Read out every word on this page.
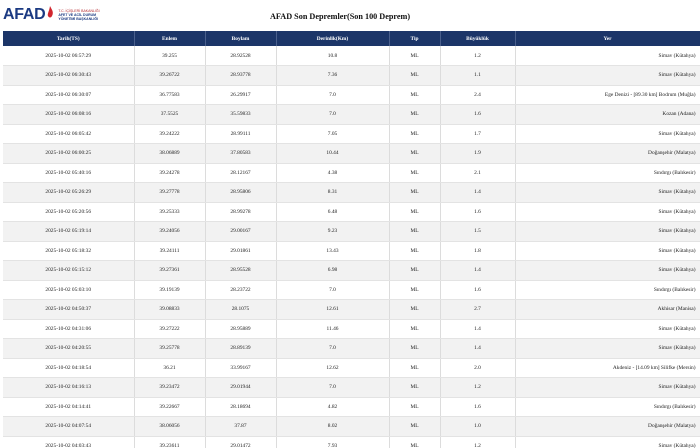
AFAD	T.C. İÇİŞLERİ BAKANLIĞI
AFET VE ACİL DURUM
YÖNETİMİ BAŞKANLIĞI	AFAD Son Depremler(Son 100 Deprem)
Tarih(TS)	Enlem	Boylam	Derinlik(Km)	Tip	Büyüklük	Yer
2025-10-02 06:57:29	39.255	28.92528	10.8	ML	1.2	Simav (Kütahya)
2025-10-02 06:30:43	39.26722	28.93778	7.36	ML	1.1	Simav (Kütahya)
2025-10-02 06:30:07	36.77583	26.29917	7.0	ML	2.4	Ege Denizi - [89.30 km] Bodrum (Muğla)
2025-10-02 06:08:16	37.5525	35.59833	7.0	ML	1.6	Kozan (Adana)
2025-10-02 06:05:42	39.24222	28.99111	7.05	ML	1.7	Simav (Kütahya)
2025-10-02 06:00:25	38.06889	37.80583	10.44	ML	1.9	Doğanşehir (Malatya)
2025-10-02 05:40:16	39.24278	28.12167	4.38	ML	2.1	Sındırgı (Balıkesir)
2025-10-02 05:26:29	39.27778	28.95806	8.31	ML	1.4	Simav (Kütahya)
2025-10-02 05:20:56	39.25333	28.99278	6.48	ML	1.6	Simav (Kütahya)
2025-10-02 05:19:14	39.24056	29.00167	9.23	ML	1.5	Simav (Kütahya)
2025-10-02 05:18:32	39.24111	29.01861	13.43	ML	1.8	Simav (Kütahya)
2025-10-02 05:15:12	39.27361	28.95528	6.98	ML	1.4	Simav (Kütahya)
2025-10-02 05:03:10	39.19139	28.23722	7.0	ML	1.6	Sındırgı (Balıkesir)
2025-10-02 04:50:37	39.08833	28.1075	12.61	ML	2.7	Akhisar (Manisa)
2025-10-02 04:31:06	39.27222	28.95889	11.46	ML	1.4	Simav (Kütahya)
2025-10-02 04:20:55	39.25778	28.89139	7.0	ML	1.4	Simav (Kütahya)
2025-10-02 04:18:54	36.21	33.99167	12.62	ML	2.0	Akdeniz - [14.09 km] Silifke (Mersin)
2025-10-02 04:16:13	39.23472	29.01944	7.0	ML	1.2	Simav (Kütahya)
2025-10-02 04:14:41	39.22667	28.18694	4.82	ML	1.6	Sındırgı (Balıkesir)
2025-10-02 04:07:54	38.06056	37.87	8.02	ML	1.0	Doğanşehir (Malatya)
2025-10-02 04:03:43	39.23611	29.01472	7.93	ML	1.2	Simav (Kütahya)
